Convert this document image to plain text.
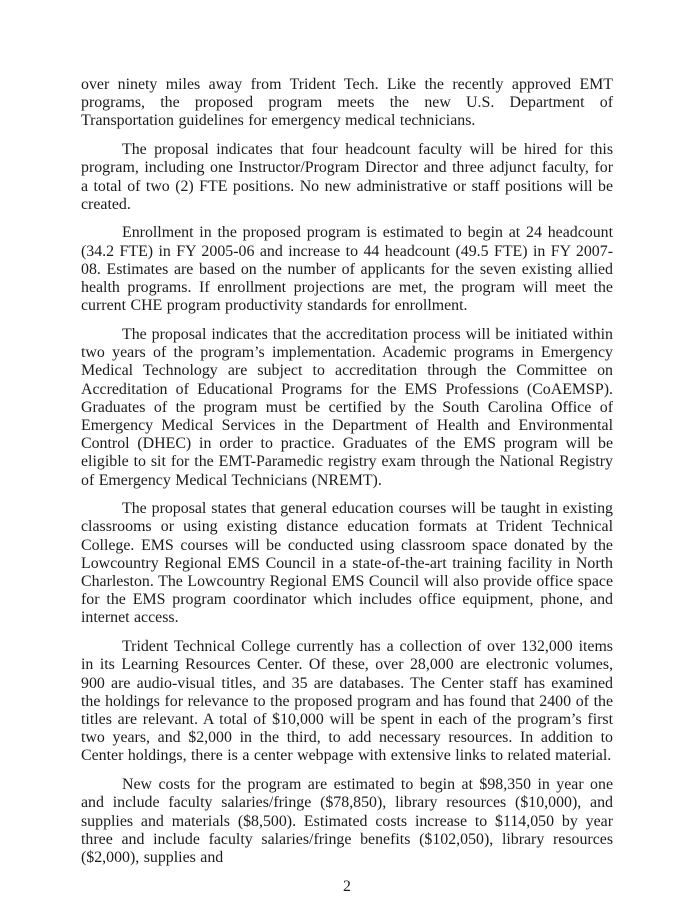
over ninety miles away from Trident Tech. Like the recently approved EMT programs, the proposed program meets the new U.S. Department of Transportation guidelines for emergency medical technicians.

The proposal indicates that four headcount faculty will be hired for this program, including one Instructor/Program Director and three adjunct faculty, for a total of two (2) FTE positions. No new administrative or staff positions will be created.

Enrollment in the proposed program is estimated to begin at 24 headcount (34.2 FTE) in FY 2005-06 and increase to 44 headcount (49.5 FTE) in FY 2007-08. Estimates are based on the number of applicants for the seven existing allied health programs. If enrollment projections are met, the program will meet the current CHE program productivity standards for enrollment.

The proposal indicates that the accreditation process will be initiated within two years of the program’s implementation. Academic programs in Emergency Medical Technology are subject to accreditation through the Committee on Accreditation of Educational Programs for the EMS Professions (CoAEMSP). Graduates of the program must be certified by the South Carolina Office of Emergency Medical Services in the Department of Health and Environmental Control (DHEC) in order to practice. Graduates of the EMS program will be eligible to sit for the EMT-Paramedic registry exam through the National Registry of Emergency Medical Technicians (NREMT).

The proposal states that general education courses will be taught in existing classrooms or using existing distance education formats at Trident Technical College. EMS courses will be conducted using classroom space donated by the Lowcountry Regional EMS Council in a state-of-the-art training facility in North Charleston. The Lowcountry Regional EMS Council will also provide office space for the EMS program coordinator which includes office equipment, phone, and internet access.

Trident Technical College currently has a collection of over 132,000 items in its Learning Resources Center. Of these, over 28,000 are electronic volumes, 900 are audio-visual titles, and 35 are databases. The Center staff has examined the holdings for relevance to the proposed program and has found that 2400 of the titles are relevant. A total of $10,000 will be spent in each of the program’s first two years, and $2,000 in the third, to add necessary resources. In addition to Center holdings, there is a center webpage with extensive links to related material.

New costs for the program are estimated to begin at $98,350 in year one and include faculty salaries/fringe ($78,850), library resources ($10,000), and supplies and materials ($8,500). Estimated costs increase to $114,050 by year three and include faculty salaries/fringe benefits ($102,050), library resources ($2,000), supplies and

2
